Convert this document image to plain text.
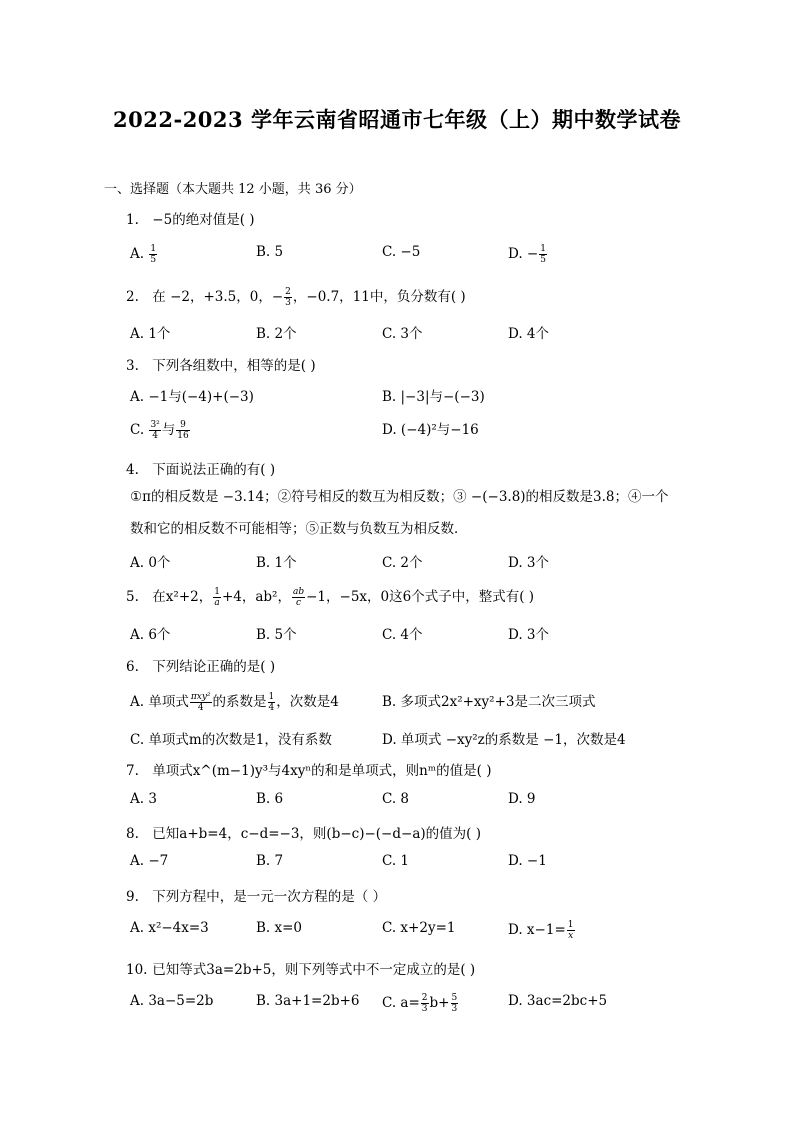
2022-2023 学年云南省昭通市七年级（上）期中数学试卷
一、选择题（本大题共 12 小题，共 36 分）
1. −5的绝对值是( )
A. $\frac{1}{5}$	B. 5	C. −5	D. − $\frac{1}{5}$
2. 在 −2，+3.5，0，− $\frac{2}{3}$ ，−0.7，11中，负分数有( )
A. 1个	B. 2个	C. 3个	D. 4个
3. 下列各组数中，相等的是( )
A. −1与(−4)+(−3)	B. |−3|与−(−3)
C. $\frac{\text{3²}}{4}$ 与 $\frac{9}{16}$	D. (−4)²与−16
4. 下面说法正确的有( )
①π的相反数是 −3.14；②符号相反的数互为相反数；③ −(−3.8)的相反数是3.8；④一个
数和它的相反数不可能相等；⑤正数与负数互为相反数．
A. 0个	B. 1个	C. 2个	D. 3个
5. 在x²+2， $\frac{1}{a} +4$，ab²， $\frac{ab}{c} -1$，−5x，0这6个式子中，整式有( )
A. 6个	B. 5个	C. 4个	D. 3个
6. 下列结论正确的是( )
A. 单项式 $\frac{\text{πxy²}}{4}$ 的系数是 $\frac{1}{4}$ ，次数是4	B. 多项式2x²+xy²+3是二次三项式
C. 单项式m的次数是1，没有系数	D. 单项式 −xy²z的系数是 −1，次数是4
7. 单项式x^(m−1)y³与4xyⁿ的和是单项式，则nᵐ的值是( )
A. 3	B. 6	C. 8	D. 9
8. 已知a+b=4，c−d=−3，则(b−c)−(−d−a)的值为( )
A. −7	B. 7	C. 1	D. −1
9. 下列方程中，是一元一次方程的是（ ）
A. x²−4x=3	B. x=0	C. x+2y=1	D. $x-1= \frac{1}{x}$
10. 已知等式3a=2b+5，则下列等式中不一定成立的是( )
A. 3a−5=2b	B. 3a+1=2b+6 C. $a= \frac{2}{3} b+ \frac{5}{3}$	D. 3ac=2bc+5
